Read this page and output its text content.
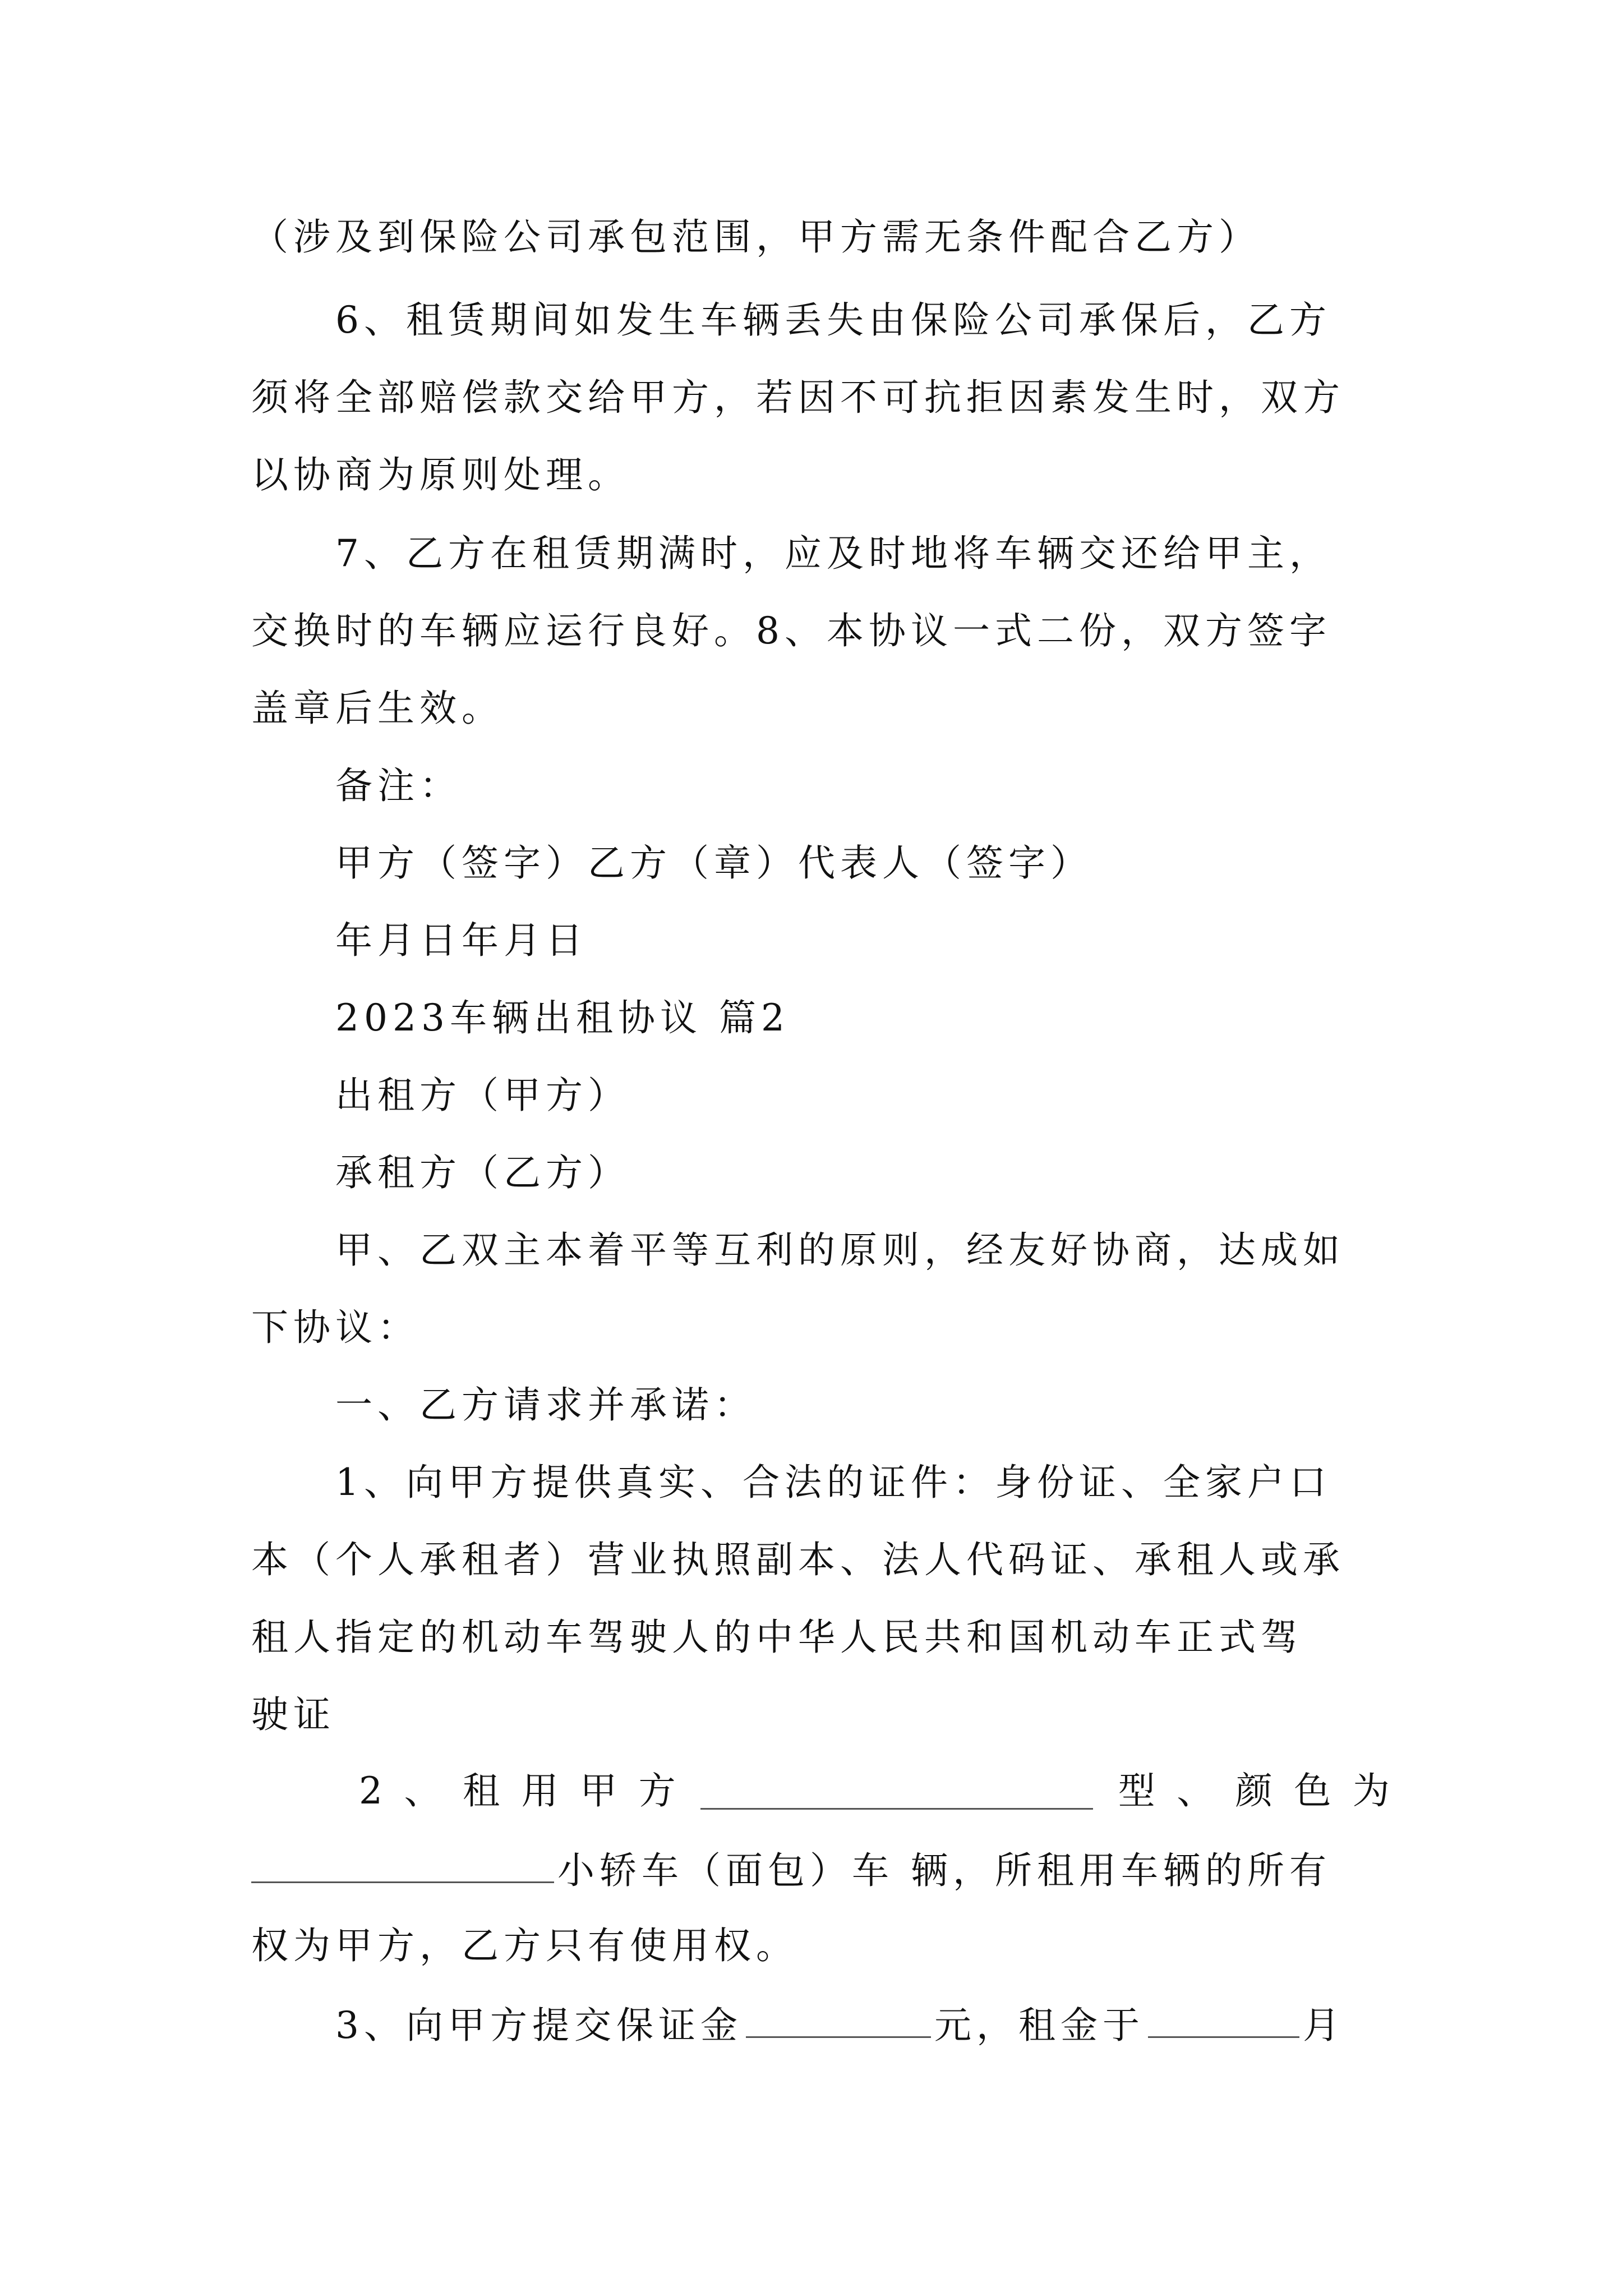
（涉及到保险公司承包范围，甲方需无条件配合乙方）
6、租赁期间如发生车辆丢失由保险公司承保后，乙方
须将全部赔偿款交给甲方，若因不可抗拒因素发生时，双方
以协商为原则处理。
7、乙方在租赁期满时，应及时地将车辆交还给甲主，
交换时的车辆应运行良好。8、本协议一式二份，双方签字
盖章后生效。
备注：
甲方（签字）乙方（章）代表人（签字）
年月日年月日
2023车辆出租协议 篇2
出租方（甲方）
承租方（乙方）
甲、乙双主本着平等互利的原则，经友好协商，达成如
下协议：
一、乙方请求并承诺：
1、向甲方提供真实、合法的证件：身份证、全家户口
本（个人承租者）营业执照副本、法人代码证、承租人或承
租人指定的机动车驾驶人的中华人民共和国机动车正式驾
驶证
2 、 租 用 甲 方	型 、 颜 色 为
小轿车（面包）车 辆，所租用车辆的所有
权为甲方，乙方只有使用权。
3、向甲方提交保证金	元，租金于	月
